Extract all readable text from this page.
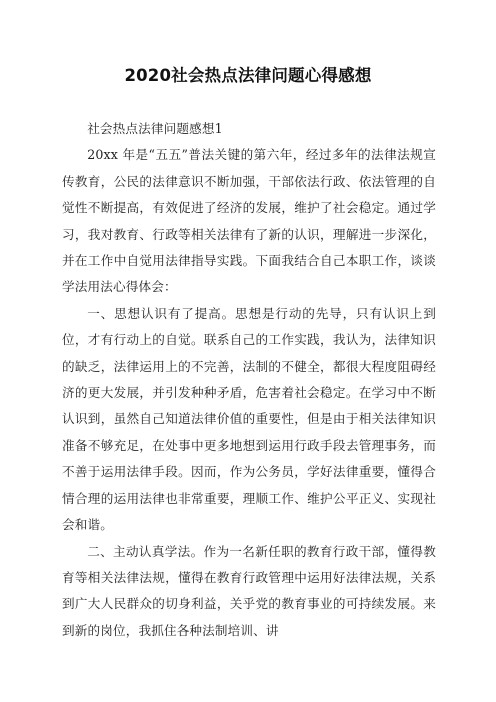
2020社会热点法律问题心得感想

社会热点法律问题感想1

20xx 年是“五五”普法关键的第六年，经过多年的法律法规宣传教育，公民的法律意识不断加强，干部依法行政、依法管理的自觉性不断提高，有效促进了经济的发展，维护了社会稳定。通过学习，我对教育、行政等相关法律有了新的认识，理解进一步深化，并在工作中自觉用法律指导实践。下面我结合自己本职工作，谈谈学法用法心得体会：

一、思想认识有了提高。思想是行动的先导，只有认识上到位，才有行动上的自觉。联系自己的工作实践，我认为，法律知识的缺乏，法律运用上的不完善，法制的不健全，都很大程度阻碍经济的更大发展，并引发种种矛盾，危害着社会稳定。在学习中不断认识到，虽然自己知道法律价值的重要性，但是由于相关法律知识准备不够充足，在处事中更多地想到运用行政手段去管理事务，而不善于运用法律手段。因而，作为公务员，学好法律重要，懂得合情合理的运用法律也非常重要，理顺工作、维护公平正义、实现社会和谐。

二、主动认真学法。作为一名新任职的教育行政干部，懂得教育等相关法律法规，懂得在教育行政管理中运用好法律法规，关系到广大人民群众的切身利益，关乎党的教育事业的可持续发展。来到新的岗位，我抓住各种法制培训、讲
